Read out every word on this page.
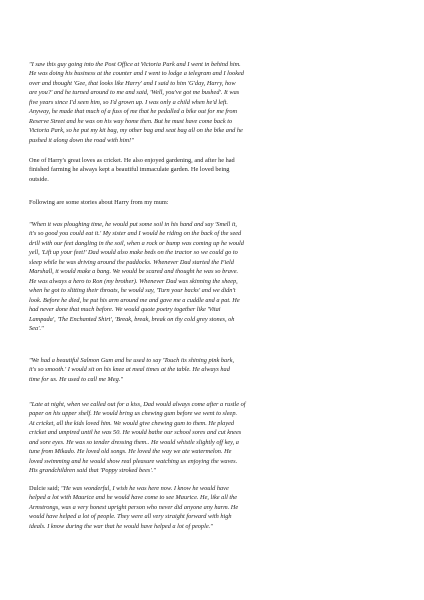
"I saw this guy going into the Post Office at Victoria Park and I went in behind him.
He was doing his business at the counter and I went to lodge a telegram and I looked
over and thought 'Gee, that looks like Harry' and I said to him 'G'day, Harry, how
are you?' and he turned around to me and said, 'Well, you've got me bushed'. It was
five years since I'd seen him, so I'd grown up. I was only a child when he'd left.
Anyway, he made that much of a fuss of me that he pedalled a bike out for me from
Reserve Street and he was on his way home then. But he must have come back to
Victoria Park, so he put my kit bag, my other bag and seat bag all on the bike and he
pushed it along down the road with him!"
One of Harry's great loves as cricket. He also enjoyed gardening, and after he had
finished farming he always kept a beautiful immaculate garden. He loved being
outside.
Following are some stories about Harry from my mum:
"When it was ploughing time, he would put some soil in his hand and say 'Smell it,
it's so good you could eat it.' My sister and I would be riding on the back of the seed
drill with our feet dangling in the soil, when a rock or bump was coming up he would
yell, 'Lift up your feet!' Dad would also make beds on the tractor so we could go to
sleep while he was driving around the paddocks. Whenever Dad started the Field
Marshall, it would make a bang. We would be scared and thought he was so brave.
He was always a hero to Ron (my brother). Whenever Dad was skinning the sheep,
when he got to slitting their throats, he would say, 'Turn your backs' and we didn't
look. Before he died, he put his arm around me and gave me a cuddle and a pat. He
had never done that much before. We would quote poetry together like 'Vitai
Lampada', 'The Enchanted Shirt', 'Break, break, break on thy cold grey stones, oh
Sea'."
"We had a beautiful Salmon Gum and he used to say 'Touch its shining pink bark,
it's so smooth.' I would sit on his knee at meal times at the table. He always had
time for us. He used to call me Meg."
"Late at night, when we called out for a kiss, Dad would always come after a rustle of
paper on his upper shelf. He would bring us chewing gum before we went to sleep.
At cricket, all the kids loved him. We would give chewing gum to them. He played
cricket and umpired until he was 50. He would bathe our school sores and cut knees
and sore eyes. He was so tender dressing them.. He would whistle slightly off key, a
tune from Mikado. He loved old songs. He loved the way we ate watermelon. He
loved swimming and he would show real pleasure watching us enjoying the waves.
His grandchildren said that 'Poppy stroked bees'."
Dulcie said; "He was wonderful, I wish he was here now. I know he would have
helped a lot with Maurice and he would have come to see Maurice. He, like all the
Armstrongs, was a very honest upright person who never did anyone any harm. He
would have helped a lot of people. They were all very straight forward with high
ideals. I know during the war that he would have helped a lot of people."
